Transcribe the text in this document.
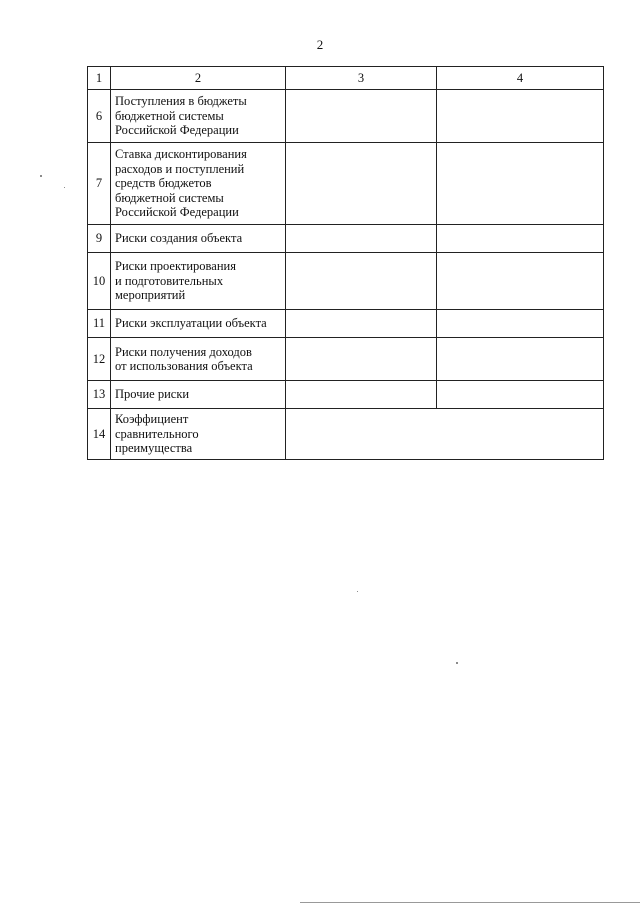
2
1	2	3	4
6	Поступления в бюджеты
бюджетной системы
Российской Федерации		

7	Ставка дисконтирования
расходов и поступлений
средств бюджетов
бюджетной системы
Российской Федерации		

9	Риски создания объекта		
10	Риски проектирования
и подготовительных
мероприятий		

11	Риски эксплуатации объекта		
12	Риски получения доходов
от использования объекта		

13	Прочие риски		
14	Коэффициент
сравнительного
преимущества		
